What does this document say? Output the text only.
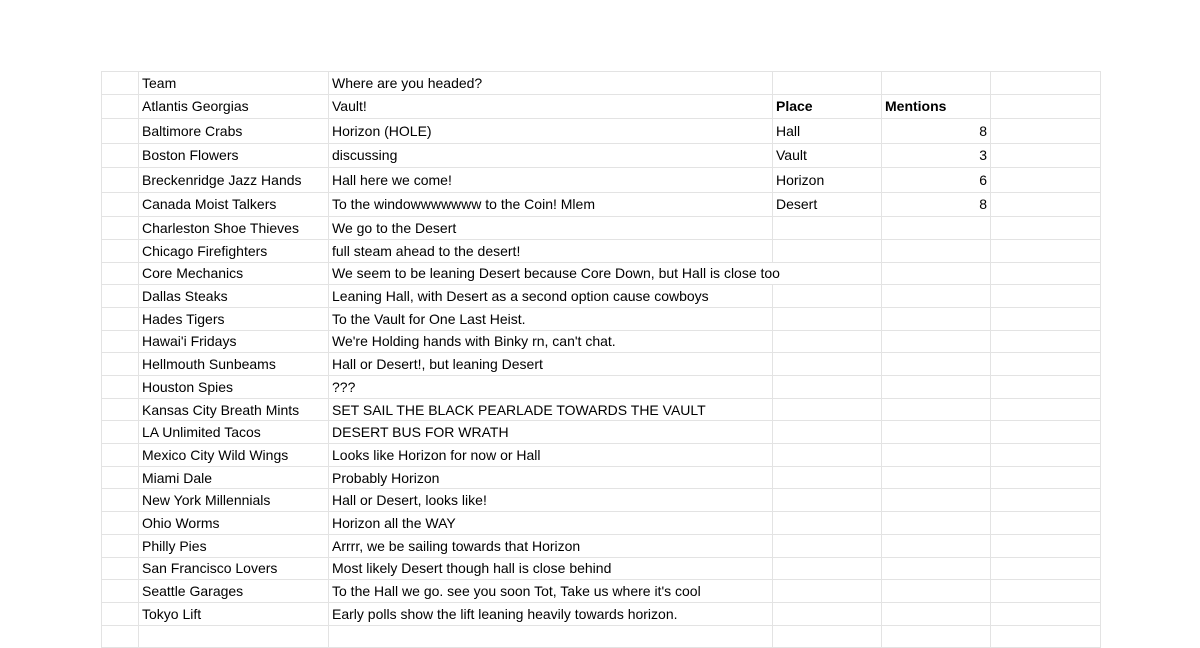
	Team	Where are you headed?			
	Atlantis Georgias	Vault!	Place	Mentions	
	Baltimore Crabs	Horizon (HOLE)	Hall	8	
	Boston Flowers	discussing	Vault	3	
	Breckenridge Jazz Hands	Hall here we come!	Horizon	6	
	Canada Moist Talkers	To the windowwwwwww to the Coin! Mlem	Desert	8	
	Charleston Shoe Thieves	We go to the Desert			
	Chicago Firefighters	full steam ahead to the desert!			
	Core Mechanics	We seem to be leaning Desert because Core Down, but Hall is close too			
	Dallas Steaks	Leaning Hall, with Desert as a second option cause cowboys			
	Hades Tigers	To the Vault for One Last Heist.			
	Hawai'i Fridays	We're Holding hands with Binky rn, can't chat.			
	Hellmouth Sunbeams	Hall or Desert!, but leaning Desert			
	Houston Spies	???			
	Kansas City Breath Mints	SET SAIL THE BLACK PEARLADE TOWARDS THE VAULT			
	LA Unlimited Tacos	DESERT BUS FOR WRATH			
	Mexico City Wild Wings	Looks like Horizon for now or Hall			
	Miami Dale	Probably Horizon			
	New York Millennials	Hall or Desert, looks like!			
	Ohio Worms	Horizon all the WAY			
	Philly Pies	Arrrr, we be sailing towards that Horizon			
	San Francisco Lovers	Most likely Desert though hall is close behind			
	Seattle Garages	To the Hall we go. see you soon Tot, Take us where it's cool			
	Tokyo Lift	Early polls show the lift leaning heavily towards horizon.			
